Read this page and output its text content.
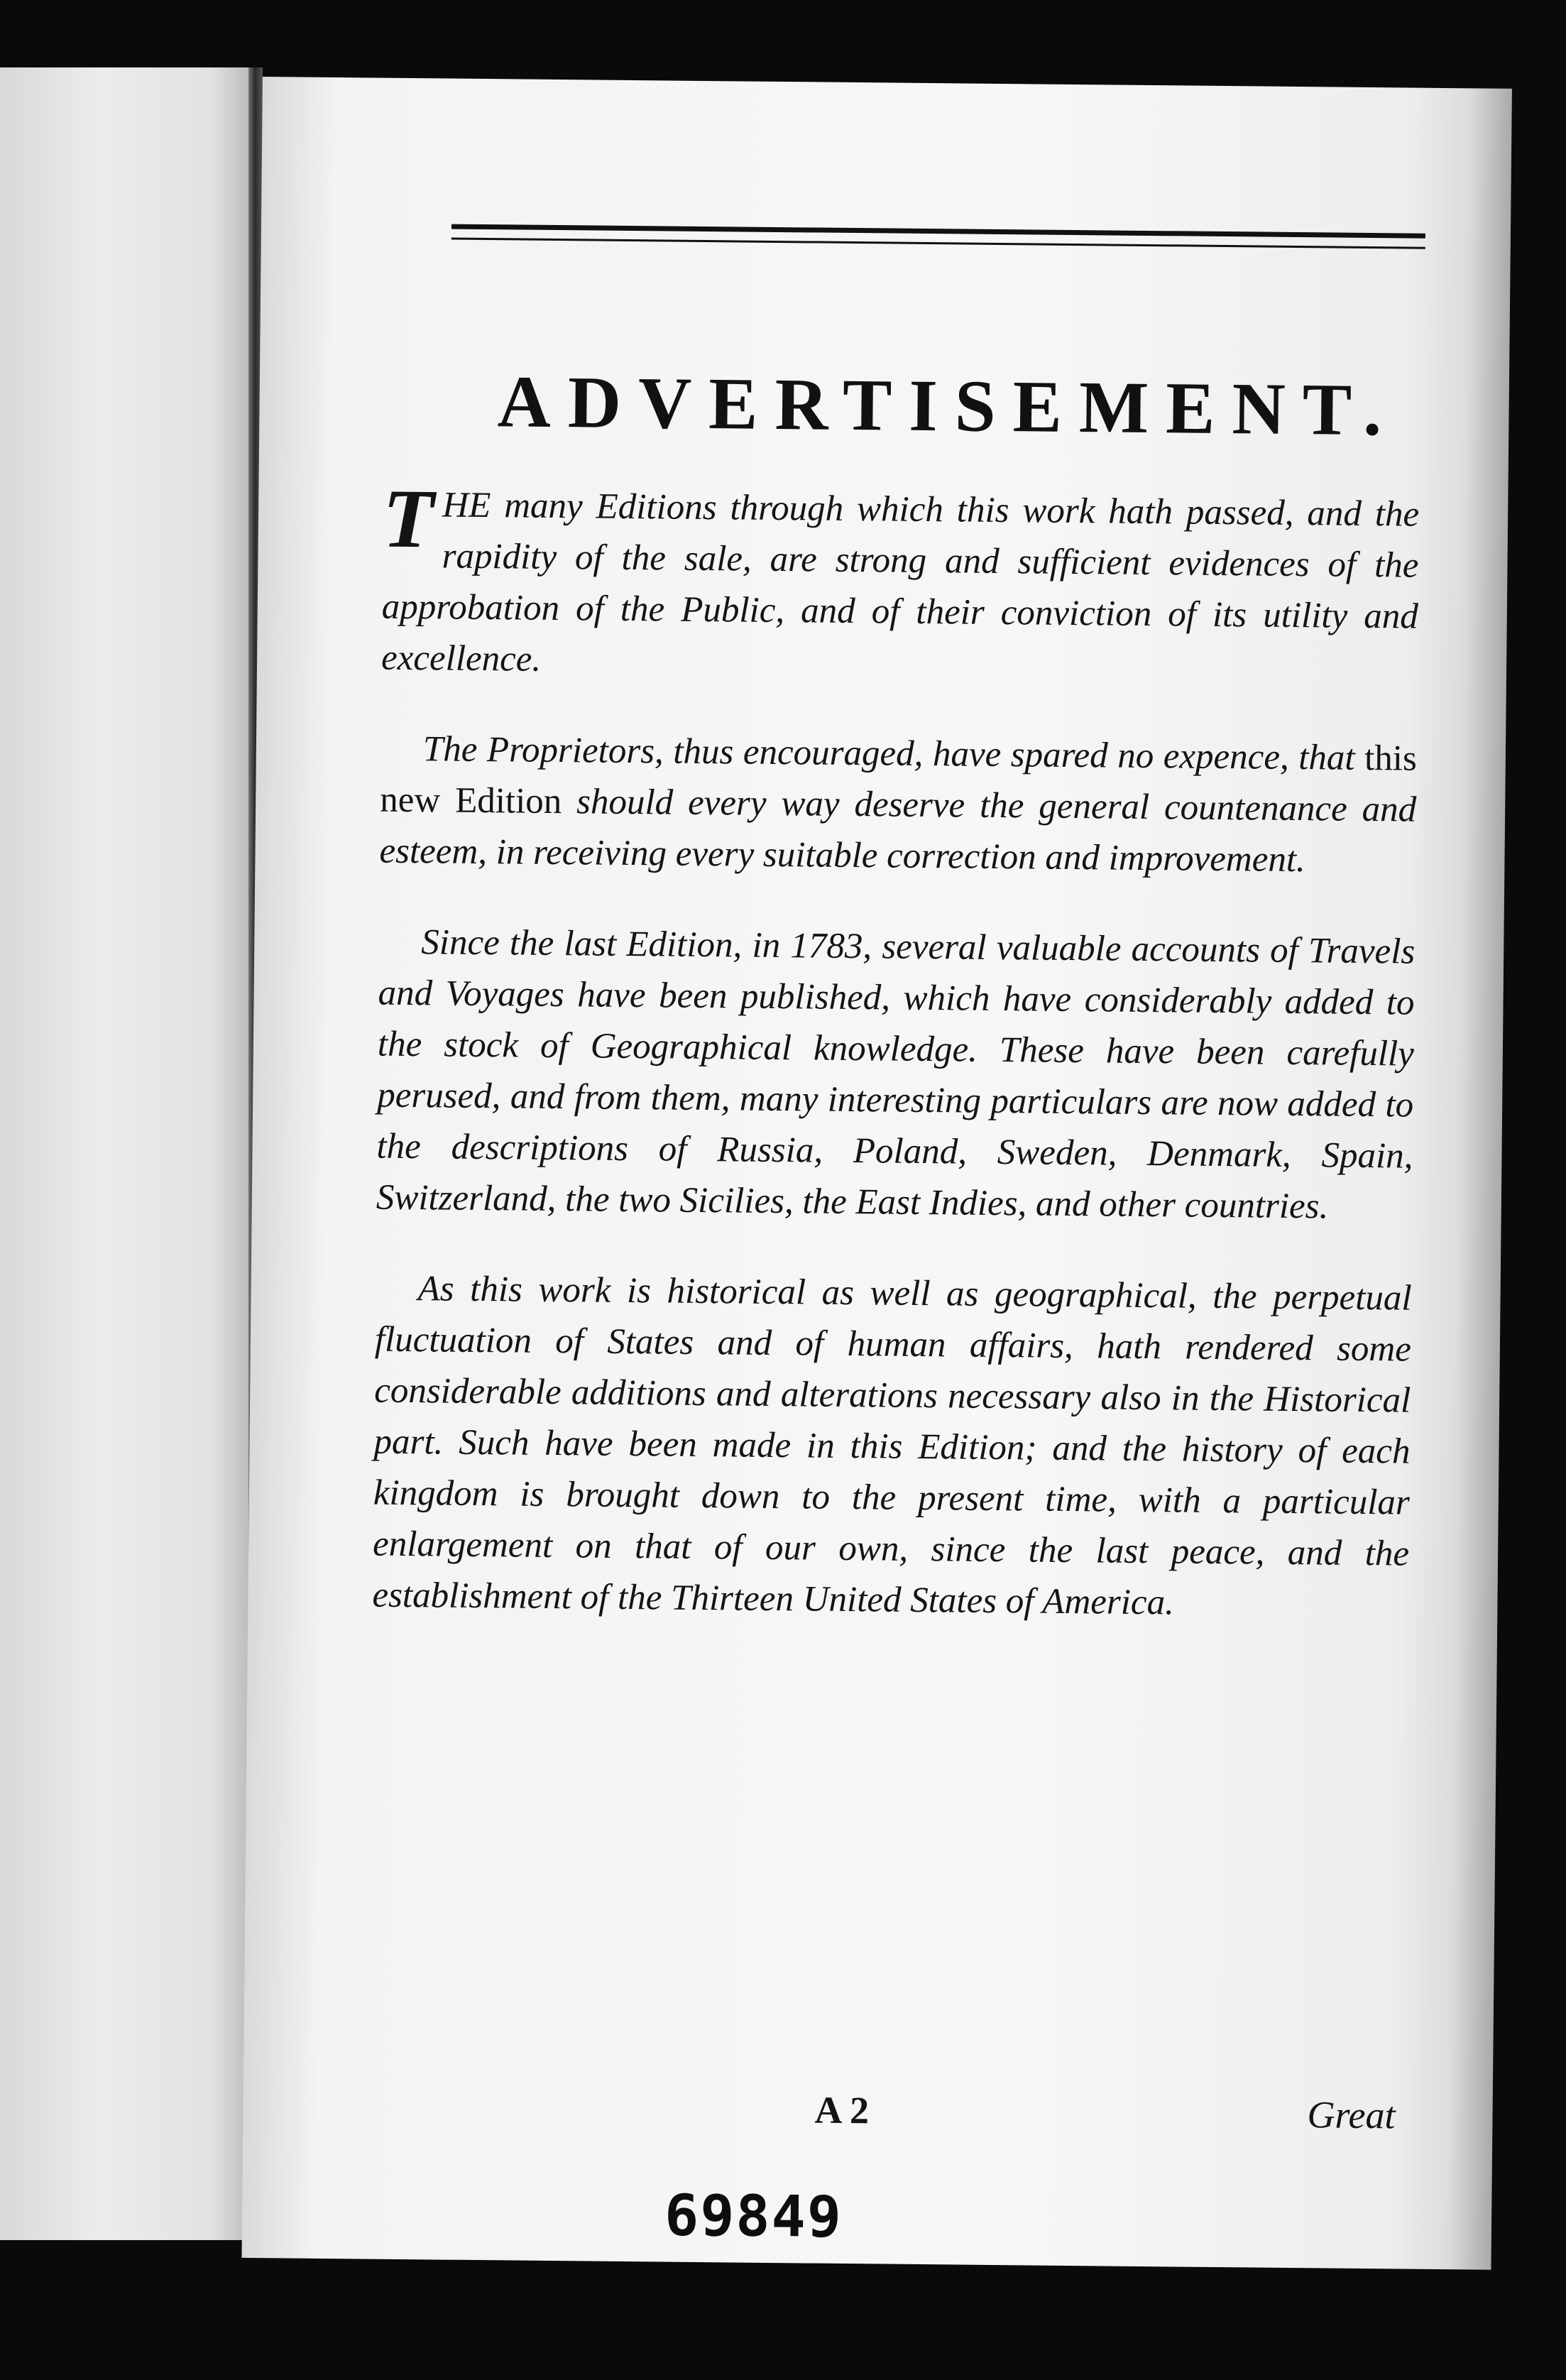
ADVERTISEMENT.

THE many Editions through which this work hath passed, and the rapidity of the sale, are strong and sufficient evidences of the approbation of the Public, and of their conviction of its utility and excellence.

The Proprietors, thus encouraged, have spared no expence, that this new Edition should every way deserve the general countenance and esteem, in receiving every suitable correction and improvement.

Since the last Edition, in 1783, several valuable accounts of Travels and Voyages have been published, which have considerably added to the stock of Geographical knowledge. These have been carefully perused, and from them, many interesting particulars are now added to the descriptions of Russia, Poland, Sweden, Denmark, Spain, Switzerland, the two Sicilies, the East Indies, and other countries.

As this work is historical as well as geographical, the perpetual fluctuation of States and of human affairs, hath rendered some considerable additions and alterations necessary also in the Historical part. Such have been made in this Edition; and the history of each kingdom is brought down to the present time, with a particular enlargement on that of our own, since the last peace, and the establishment of the Thirteen United States of America.

A 2	Great
69849
